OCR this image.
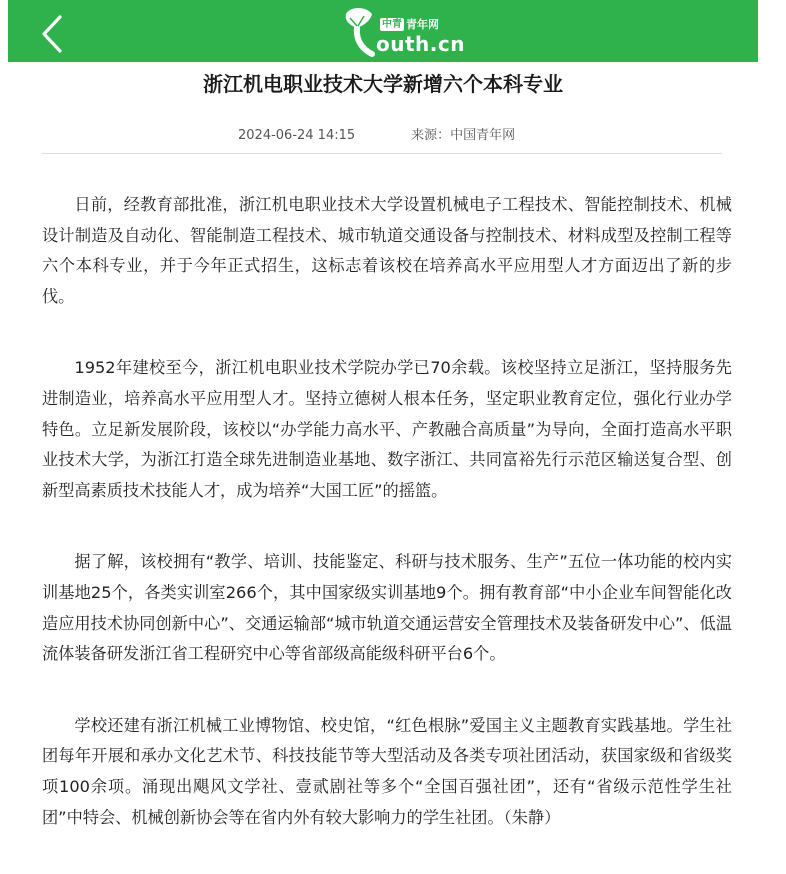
中青 青年网
outh.cn
浙江机电职业技术大学新增六个本科专业
2024-06-24 14:15	来源：中国青年网

日前，经教育部批准，浙江机电职业技术大学设置机械电子工程技术、智能控制技术、机械设计制造及自动化、智能制造工程技术、城市轨道交通设备与控制技术、材料成型及控制工程等六个本科专业，并于今年正式招生，这标志着该校在培养高水平应用型人才方面迈出了新的步伐。

1952年建校至今，浙江机电职业技术学院办学已70余载。该校坚持立足浙江，坚持服务先进制造业，培养高水平应用型人才。坚持立德树人根本任务，坚定职业教育定位，强化行业办学特色。立足新发展阶段，该校以“办学能力高水平、产教融合高质量”为导向，全面打造高水平职业技术大学，为浙江打造全球先进制造业基地、数字浙江、共同富裕先行示范区输送复合型、创新型高素质技术技能人才，成为培养“大国工匠”的摇篮。

据了解，该校拥有“教学、培训、技能鉴定、科研与技术服务、生产”五位一体功能的校内实训基地25个，各类实训室266个，其中国家级实训基地9个。拥有教育部“中小企业车间智能化改造应用技术协同创新中心”、交通运输部“城市轨道交通运营安全管理技术及装备研发中心”、低温流体装备研发浙江省工程研究中心等省部级高能级科研平台6个。

学校还建有浙江机械工业博物馆、校史馆，“红色根脉”爱国主义主题教育实践基地。学生社团每年开展和承办文化艺术节、科技技能节等大型活动及各类专项社团活动，获国家级和省级奖项100余项。涌现出飓风文学社、壹贰剧社等多个“全国百强社团”，还有“省级示范性学生社团”中特会、机械创新协会等在省内外有较大影响力的学生社团。（朱静）
